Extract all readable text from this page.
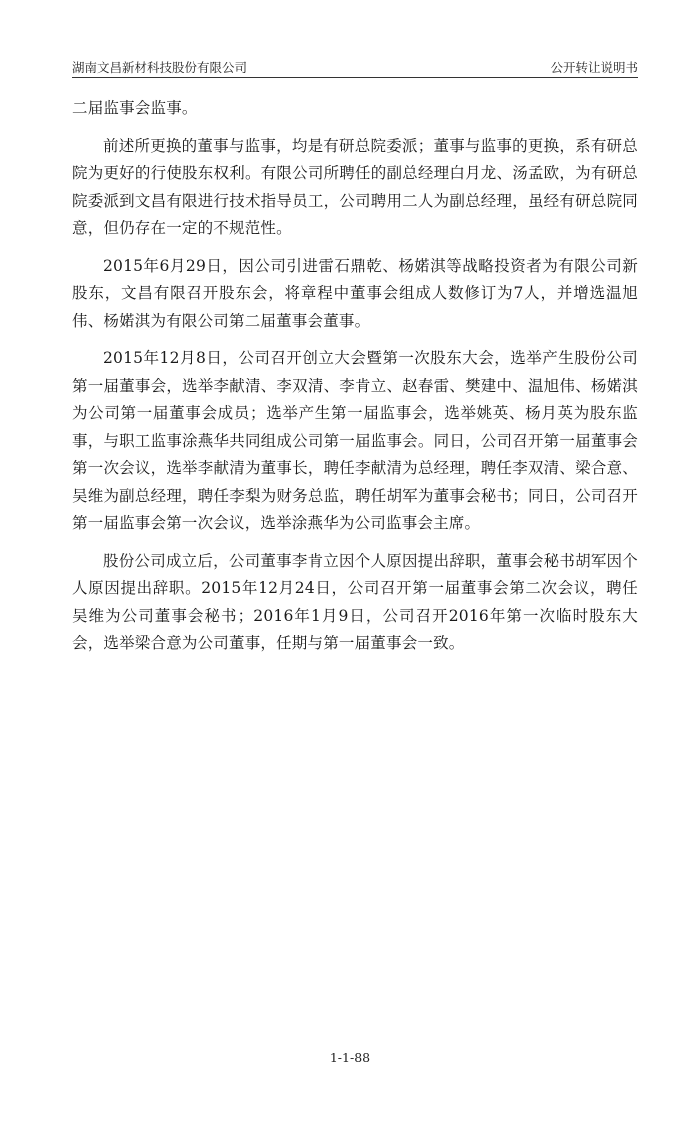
湖南文昌新材科技股份有限公司	公开转让说明书

二届监事会监事。

前述所更换的董事与监事，均是有研总院委派；董事与监事的更换，系有研总院为更好的行使股东权利。有限公司所聘任的副总经理白月龙、汤孟欧，为有研总院委派到文昌有限进行技术指导员工，公司聘用二人为副总经理，虽经有研总院同意，但仍存在一定的不规范性。

2015年6月29日，因公司引进雷石鼎乾、杨婼淇等战略投资者为有限公司新股东，文昌有限召开股东会，将章程中董事会组成人数修订为7人，并增选温旭伟、杨婼淇为有限公司第二届董事会董事。

2015年12月8日，公司召开创立大会暨第一次股东大会，选举产生股份公司第一届董事会，选举李献清、李双清、李肯立、赵春雷、樊建中、温旭伟、杨婼淇为公司第一届董事会成员；选举产生第一届监事会，选举姚英、杨月英为股东监事，与职工监事涂燕华共同组成公司第一届监事会。同日，公司召开第一届董事会第一次会议，选举李献清为董事长，聘任李献清为总经理，聘任李双清、梁合意、吴维为副总经理，聘任李梨为财务总监，聘任胡军为董事会秘书；同日，公司召开第一届监事会第一次会议，选举涂燕华为公司监事会主席。

股份公司成立后，公司董事李肯立因个人原因提出辞职，董事会秘书胡军因个人原因提出辞职。2015年12月24日，公司召开第一届董事会第二次会议，聘任吴维为公司董事会秘书；2016年1月9日，公司召开2016年第一次临时股东大会，选举梁合意为公司董事，任期与第一届董事会一致。

1-1-88
